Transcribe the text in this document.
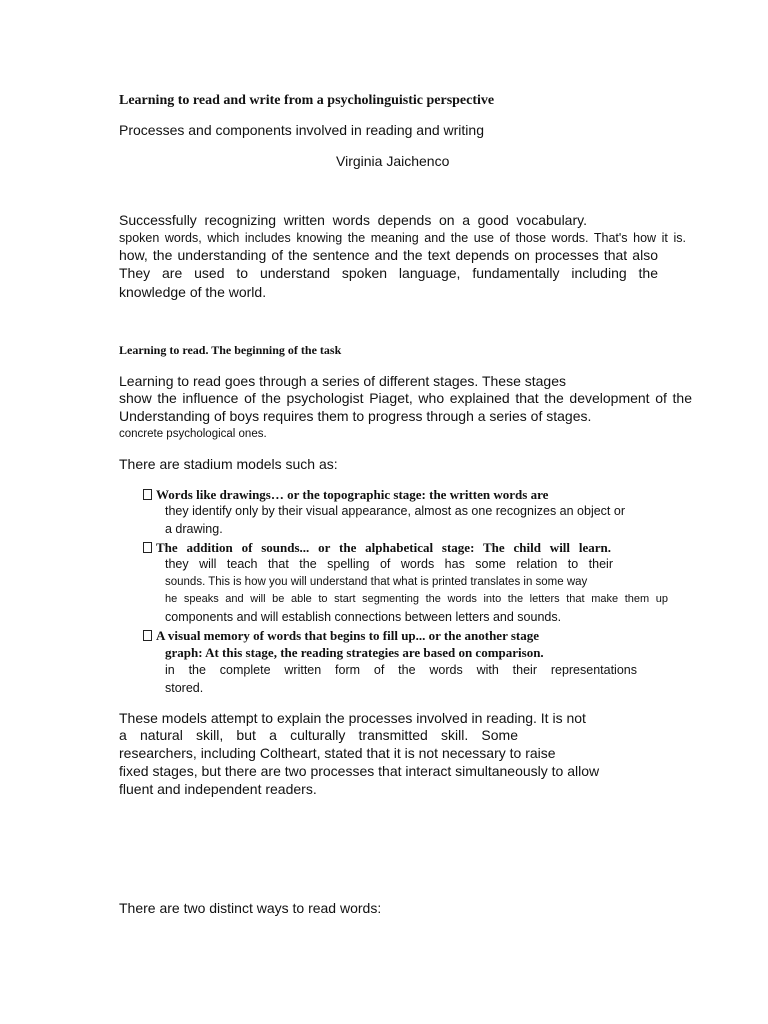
Learning to read and write from a psycholinguistic perspective
Processes and components involved in reading and writing
Virginia Jaichenco
Successfully recognizing written words depends on a good vocabulary.
spoken words, which includes knowing the meaning and the use of those words. That's how it is.
how, the understanding of the sentence and the text depends on processes that also
They are used to understand spoken language, fundamentally including the
knowledge of the world.
Learning to read. The beginning of the task
Learning to read goes through a series of different stages. These stages
show the influence of the psychologist Piaget, who explained that the development of the
Understanding of boys requires them to progress through a series of stages.
concrete psychological ones.
There are stadium models such as:
Words like drawings… or the topographic stage: the written words are
they identify only by their visual appearance, almost as one recognizes an object or
a drawing.
The addition of sounds... or the alphabetical stage: The child will learn.
they will teach that the spelling of words has some relation to their
sounds. This is how you will understand that what is printed translates in some way
he speaks and will be able to start segmenting the words into the letters that make them up
components and will establish connections between letters and sounds.
A visual memory of words that begins to fill up... or the another stage
graph: At this stage, the reading strategies are based on comparison.
in the complete written form of the words with their representations
stored.
These models attempt to explain the processes involved in reading. It is not
a natural skill, but a culturally transmitted skill. Some
researchers, including Coltheart, stated that it is not necessary to raise
fixed stages, but there are two processes that interact simultaneously to allow
fluent and independent readers.
There are two distinct ways to read words:
